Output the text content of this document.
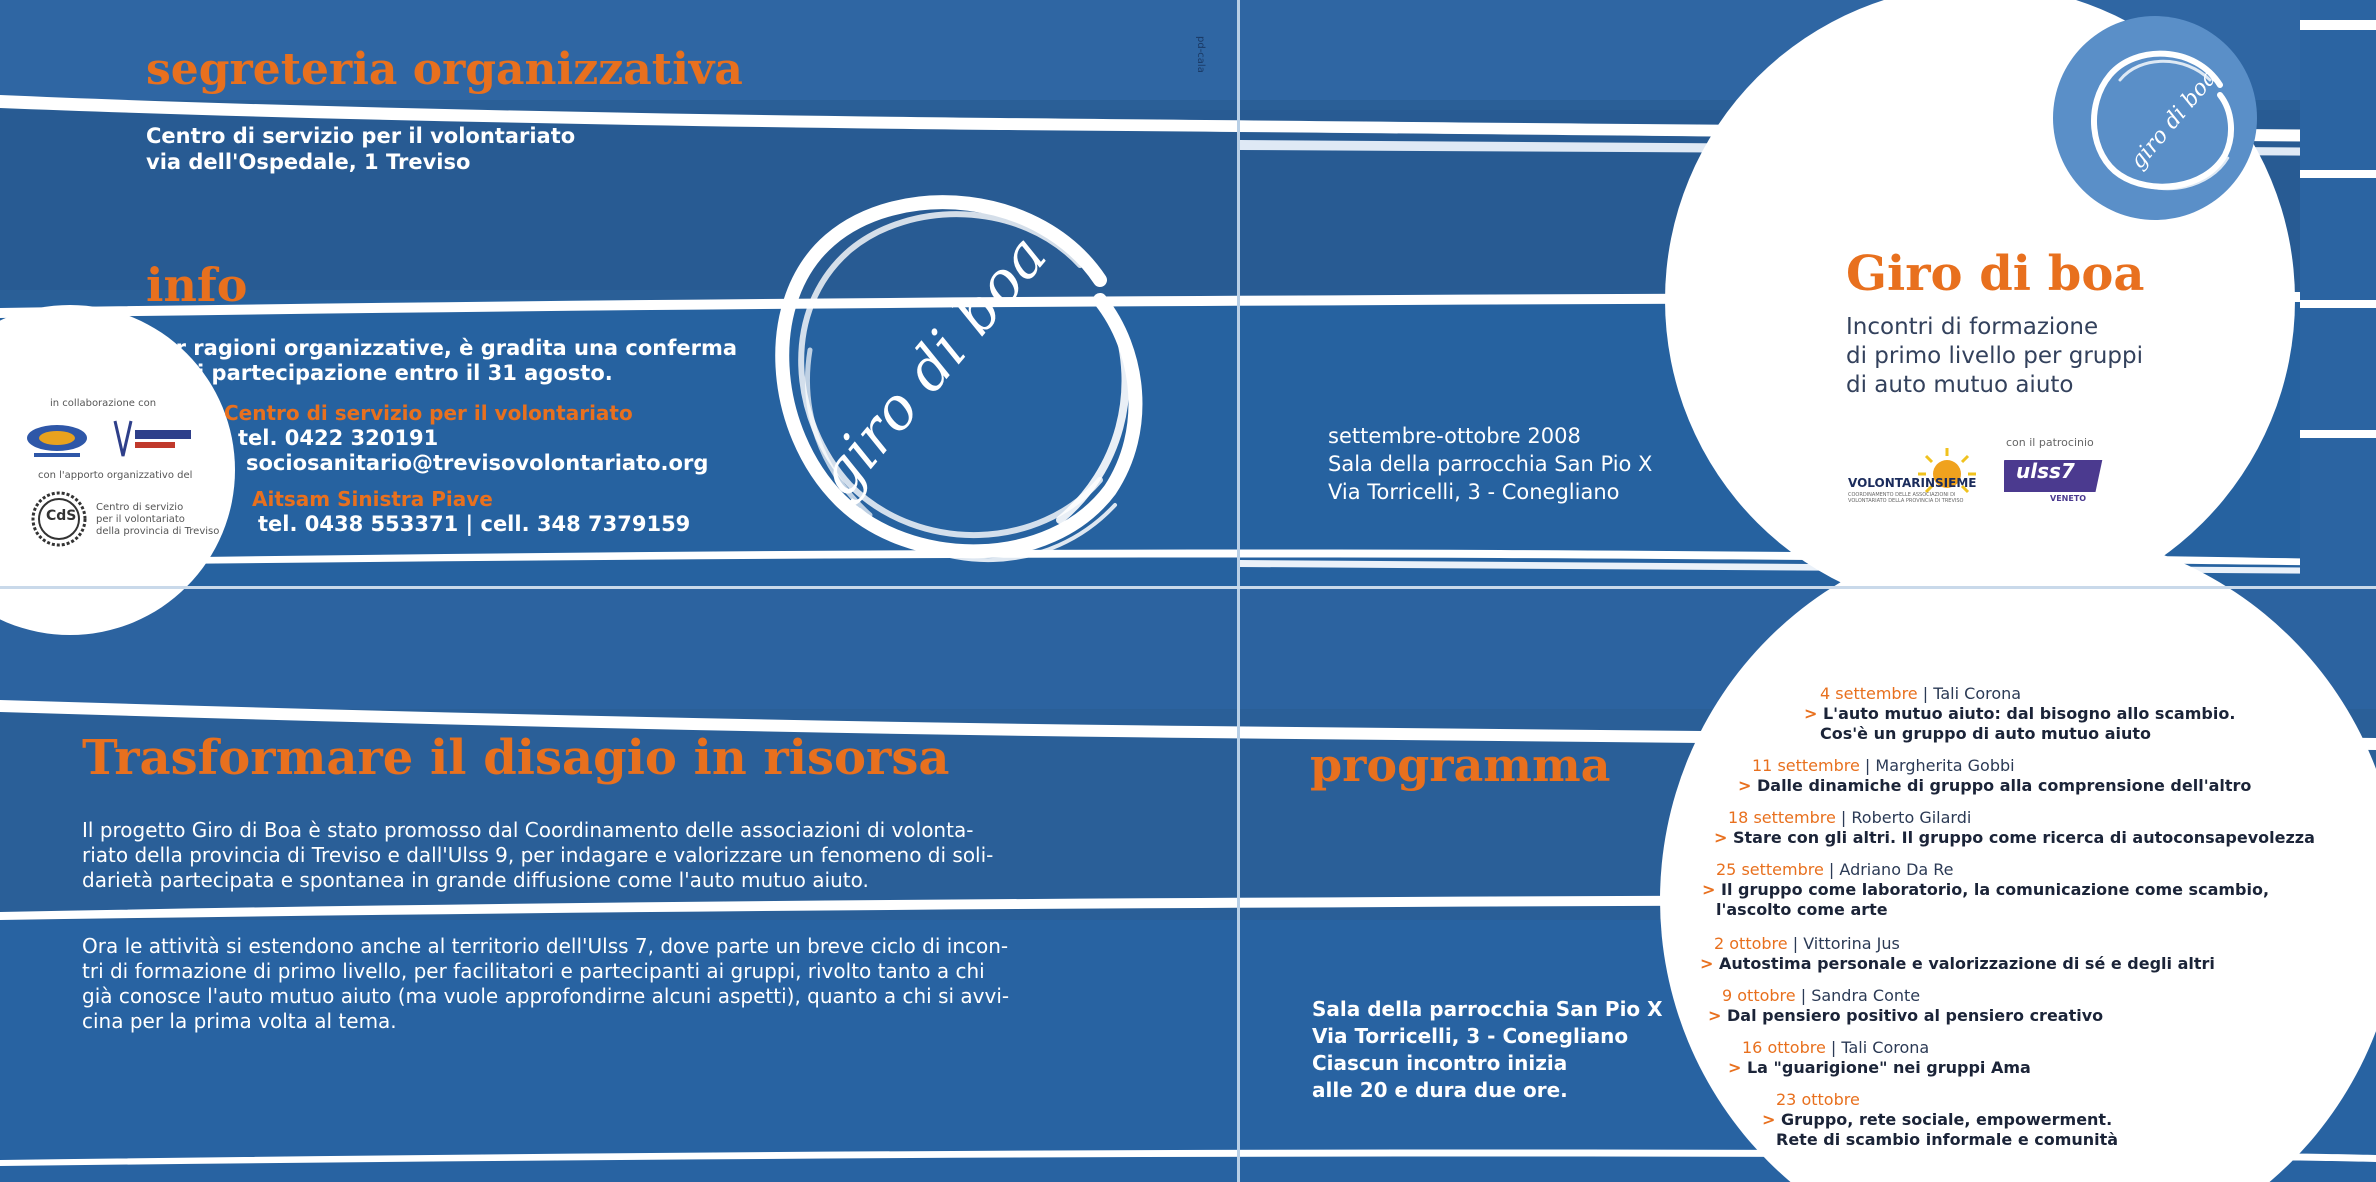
giro di boa
giro di boa
segreteria organizzativa
Centro di servizio per il volontariato
via dell'Ospedale, 1 Treviso
info
Per ragioni organizzative, è gradita una conferma
di partecipazione entro il 31 agosto.
Centro di servizio per il volontariato
tel. 0422 320191
sociosanitario@trevisovolontariato.org
Aitsam Sinistra Piave
tel. 0438 553371 | cell. 348 7379159
in collaborazione con
con l'apporto organizzativo del
CdS
Centro di servizio
per il volontariato
della provincia di Treviso
pd-cala
settembre-ottobre 2008
Sala della parrocchia San Pio X
Via Torricelli, 3 - Conegliano
Giro di boa
Incontri di formazione
di primo livello per gruppi
di auto mutuo aiuto
VOLONTARINSIEME
COORDINAMENTO DELLE ASSOCIAZIONI DI VOLONTARIATO DELLA PROVINCIA DI TREVISO
con il patrocinio
ulss7
VENETO
Trasformare il disagio in risorsa
Il progetto Giro di Boa è stato promosso dal Coordinamento delle associazioni di volonta-
riato della provincia di Treviso e dall'Ulss 9, per indagare e valorizzare un fenomeno di soli-
darietà partecipata e spontanea in grande diffusione come l'auto mutuo aiuto.
Ora le attività si estendono anche al territorio dell'Ulss 7, dove parte un breve ciclo di incon-
tri di formazione di primo livello, per facilitatori e partecipanti ai gruppi, rivolto tanto a chi
già conosce l'auto mutuo aiuto (ma vuole approfondirne alcuni aspetti), quanto a chi si avvi-
cina per la prima volta al tema.
programma
Sala della parrocchia San Pio X
Via Torricelli, 3 - Conegliano
Ciascun incontro inizia
alle 20 e dura due ore.
4 settembre | Tali Corona
> L'auto mutuo aiuto: dal bisogno allo scambio.
Cos'è un gruppo di auto mutuo aiuto
11 settembre | Margherita Gobbi
> Dalle dinamiche di gruppo alla comprensione dell'altro
18 settembre | Roberto Gilardi
> Stare con gli altri. Il gruppo come ricerca di autoconsapevolezza
25 settembre | Adriano Da Re
> Il gruppo come laboratorio, la comunicazione come scambio,
l'ascolto come arte
2 ottobre | Vittorina Jus
> Autostima personale e valorizzazione di sé e degli altri
9 ottobre | Sandra Conte
> Dal pensiero positivo al pensiero creativo
16 ottobre | Tali Corona
> La "guarigione" nei gruppi Ama
23 ottobre
> Gruppo, rete sociale, empowerment.
Rete di scambio informale e comunità
